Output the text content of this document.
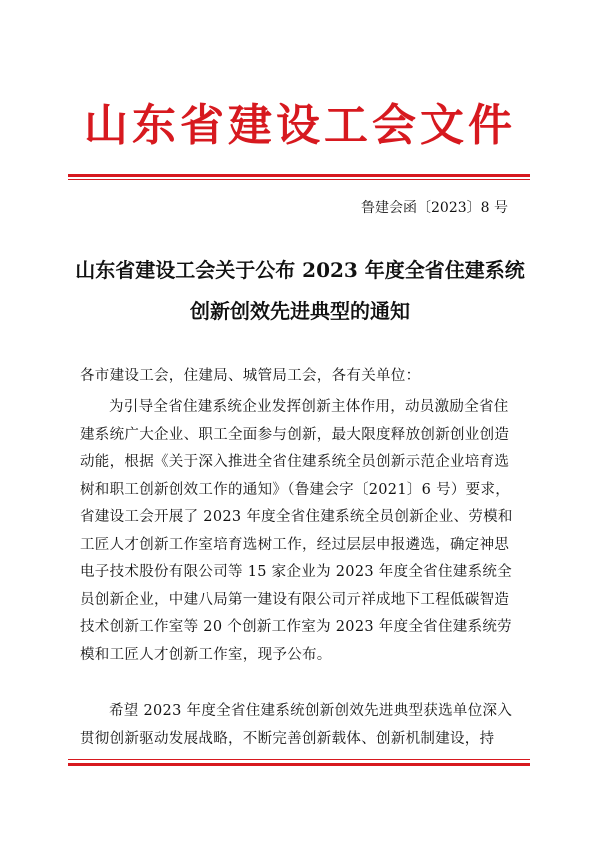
山东省建设工会文件
鲁建会函〔2023〕8 号
山东省建设工会关于公布 2023 年度全省住建系统
创新创效先进典型的通知
各市建设工会，住建局、城管局工会，各有关单位：
为引导全省住建系统企业发挥创新主体作用，动员激励全省住建系统广大企业、职工全面参与创新，最大限度释放创新创业创造动能，根据《关于深入推进全省住建系统全员创新示范企业培育选树和职工创新创效工作的通知》（鲁建会字〔2021〕6 号）要求，省建设工会开展了 2023 年度全省住建系统全员创新企业、劳模和工匠人才创新工作室培育选树工作，经过层层申报遴选，确定神思电子技术股份有限公司等 15 家企业为 2023 年度全省住建系统全员创新企业，中建八局第一建设有限公司亓祥成地下工程低碳智造技术创新工作室等 20 个创新工作室为 2023 年度全省住建系统劳模和工匠人才创新工作室，现予公布。
希望 2023 年度全省住建系统创新创效先进典型获选单位深入贯彻创新驱动发展战略，不断完善创新载体、创新机制建设，持
